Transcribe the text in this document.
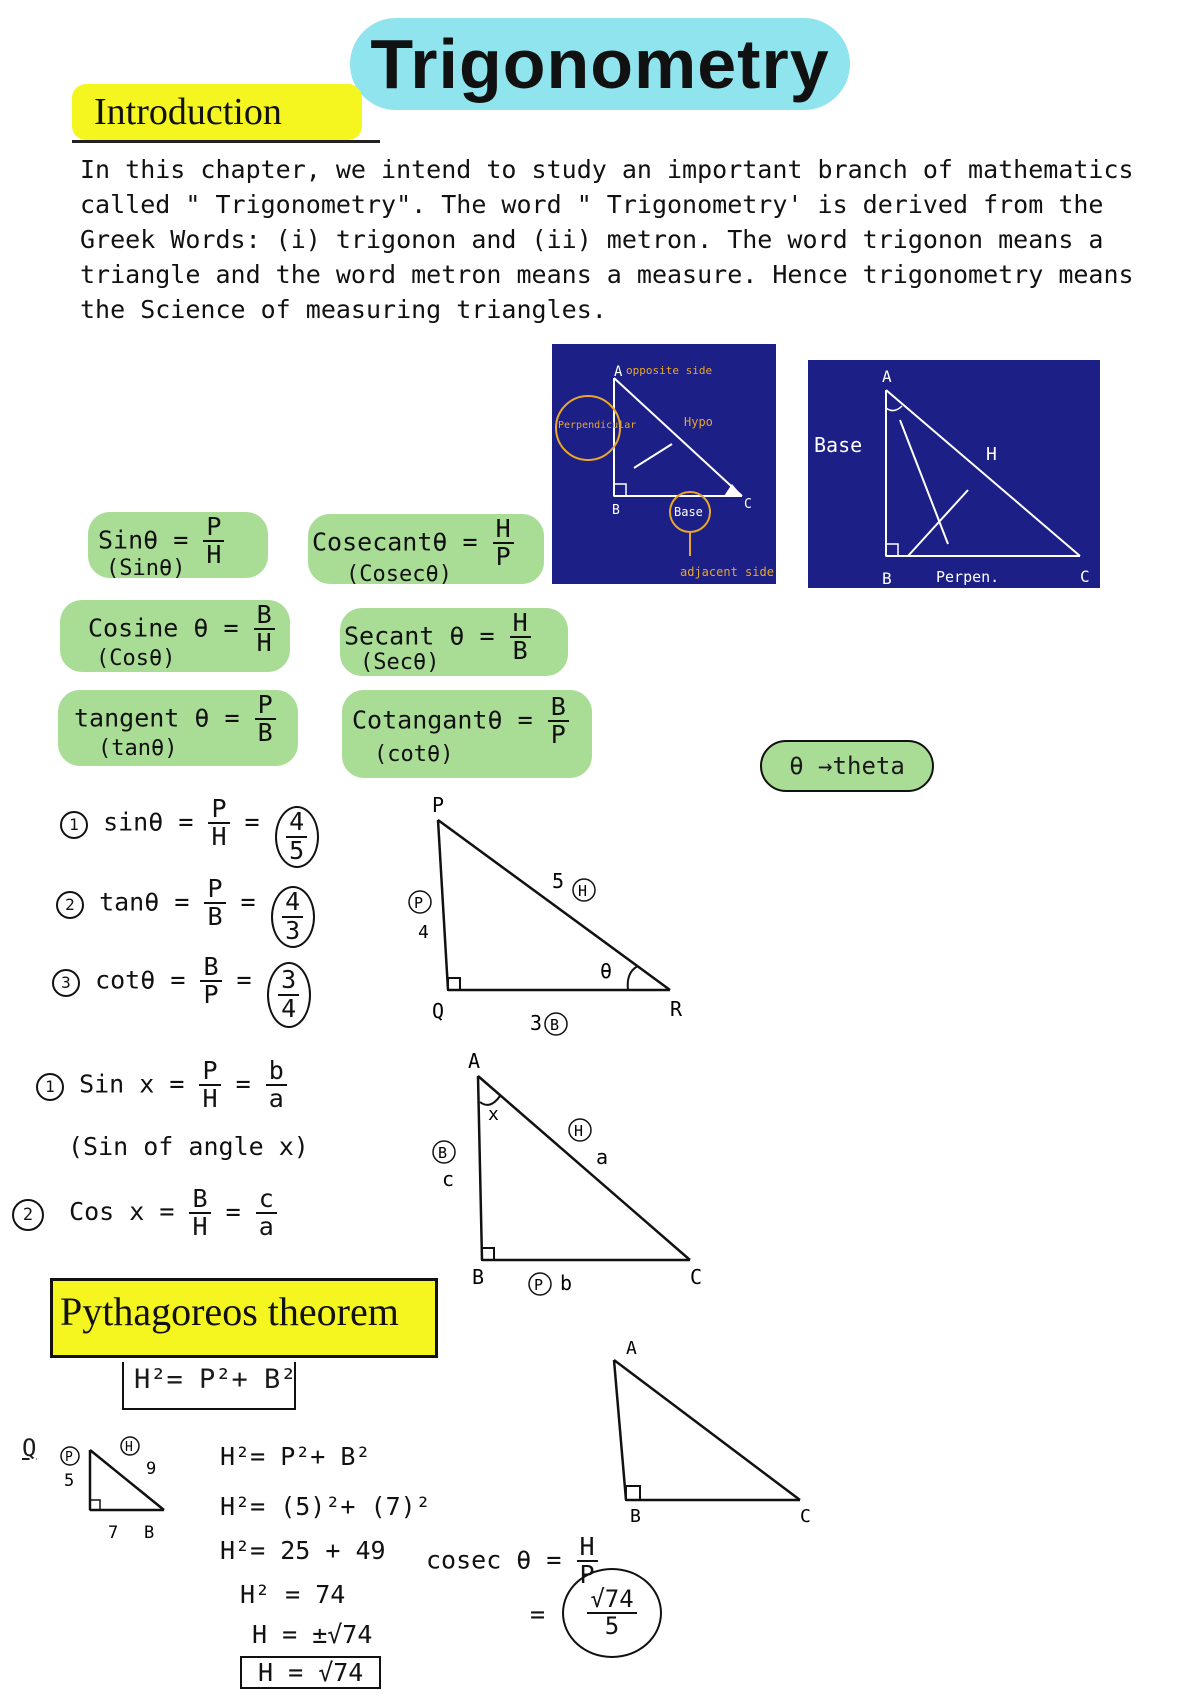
Trigonometry
Introduction
In this chapter, we intend to study an important branch of mathematics called " Trigonometry". The word " Trigonometry' is derived from the Greek Words: (i) trigonon and (ii) metron. The word trigonon means a triangle and the word metron means a measure. Hence trigonometry means the Science of measuring triangles.
A
B	C
opposite side
Perpendicular	Hypo
Base
adjacent side
A
B	C
Base	H
Perpen.
$Sin\theta = \frac{P}{H}$
(Sinθ)
Cosecantθ = $\frac{H}{P}$
(Cosecθ)
Cosine $\theta = \frac{B}{H}$
(Cosθ)
Secant $\theta = \frac{H}{B}$
(Secθ)
tangent $\theta = \frac{P}{B}$
(tanθ)
Cotangantθ = $\frac{B}{P}$
(cotθ)	θ →theta
1 $\sin\theta = \frac{P}{H} = \frac{4}{5}$
2 $\tan\theta = \frac{P}{B} = \frac{4}{3}$
3 $\cot\theta = \frac{B}{P} = \frac{3}{4}$
P
Q	R
P
4
5 H
3 B
θ
1 Sin $x = \frac{P}{H} = \frac{b}{a}$
(Sin of angle x)
2 Cos $x = \frac{B}{H} = \frac{c}{a}$
A
B	C
x
B
c
H
a
P b
Pythagoreos theorem
H²= P²+ B²
Q P
5
H
9
7 B
H²= P²+ B²
H²= (5)²+ (7)²
H²= 25 + 49
H² = 74
H = ±√74
H = √74
cosec $\theta = \frac{H}{P}$
= $\frac{√74}{5}$
A
B	C
